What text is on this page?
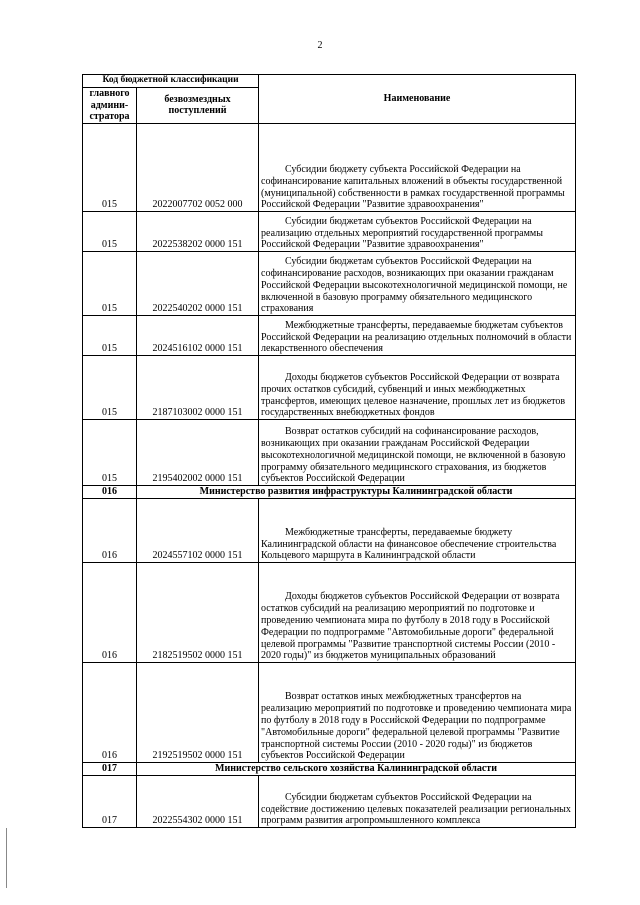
2
Код бюджетной классификации		Наименование
главного админи-стратора	безвозмездных поступлений	
015	2022007702 0052 000	Субсидии бюджету субъекта Российской Федерации на софинансирование капитальных вложений в объекты государственной (муниципальной) собственности в рамках государственной программы Российской Федерации "Развитие здравоохранения"

015	2022538202 0000 151	Субсидии бюджетам субъектов Российской Федерации на реализацию отдельных мероприятий государственной программы Российской Федерации "Развитие здравоохранения"

015	2022540202 0000 151	Субсидии бюджетам субъектов Российской Федерации на софинансирование расходов, возникающих при оказании гражданам Российской Федерации высокотехнологичной медицинской помощи, не включенной в базовую программу обязательного медицинского страхования

015	2024516102 0000 151	Межбюджетные трансферты, передаваемые бюджетам субъектов Российской Федерации на реализацию отдельных полномочий в области лекарственного обеспечения

015	2187103002 0000 151	Доходы бюджетов субъектов Российской Федерации от возврата прочих остатков субсидий, субвенций и иных межбюджетных трансфертов, имеющих целевое назначение, прошлых лет из бюджетов государственных внебюджетных фондов

015	2195402002 0000 151	Возврат остатков субсидий на софинансирование расходов, возникающих при оказании гражданам Российской Федерации высокотехнологичной медицинской помощи, не включенной в базовую программу обязательного медицинского страхования, из бюджетов субъектов Российской Федерации

016	Министерство развития инфраструктуры Калининградской области	
016	2024557102 0000 151	Межбюджетные трансферты, передаваемые бюджету Калининградской области на финансовое обеспечение строительства Кольцевого маршрута в Калининградской области

016	2182519502 0000 151	Доходы бюджетов субъектов Российской Федерации от возврата остатков субсидий на реализацию мероприятий по подготовке и проведению чемпионата мира по футболу в 2018 году в Российской Федерации по подпрограмме "Автомобильные дороги" федеральной целевой программы "Развитие транспортной системы России (2010 - 2020 годы)" из бюджетов муниципальных образований

016	2192519502 0000 151	Возврат остатков иных межбюджетных трансфертов на реализацию мероприятий по подготовке и проведению чемпионата мира по футболу в 2018 году в Российской Федерации по подпрограмме "Автомобильные дороги" федеральной целевой программы "Развитие транспортной системы России (2010 - 2020 годы)" из бюджетов субъектов Российской Федерации

017	Министерство сельского хозяйства Калининградской области	
017	2022554302 0000 151	Субсидии бюджетам субъектов Российской Федерации на содействие достижению целевых показателей реализации региональных программ развития агропромышленного комплекса
